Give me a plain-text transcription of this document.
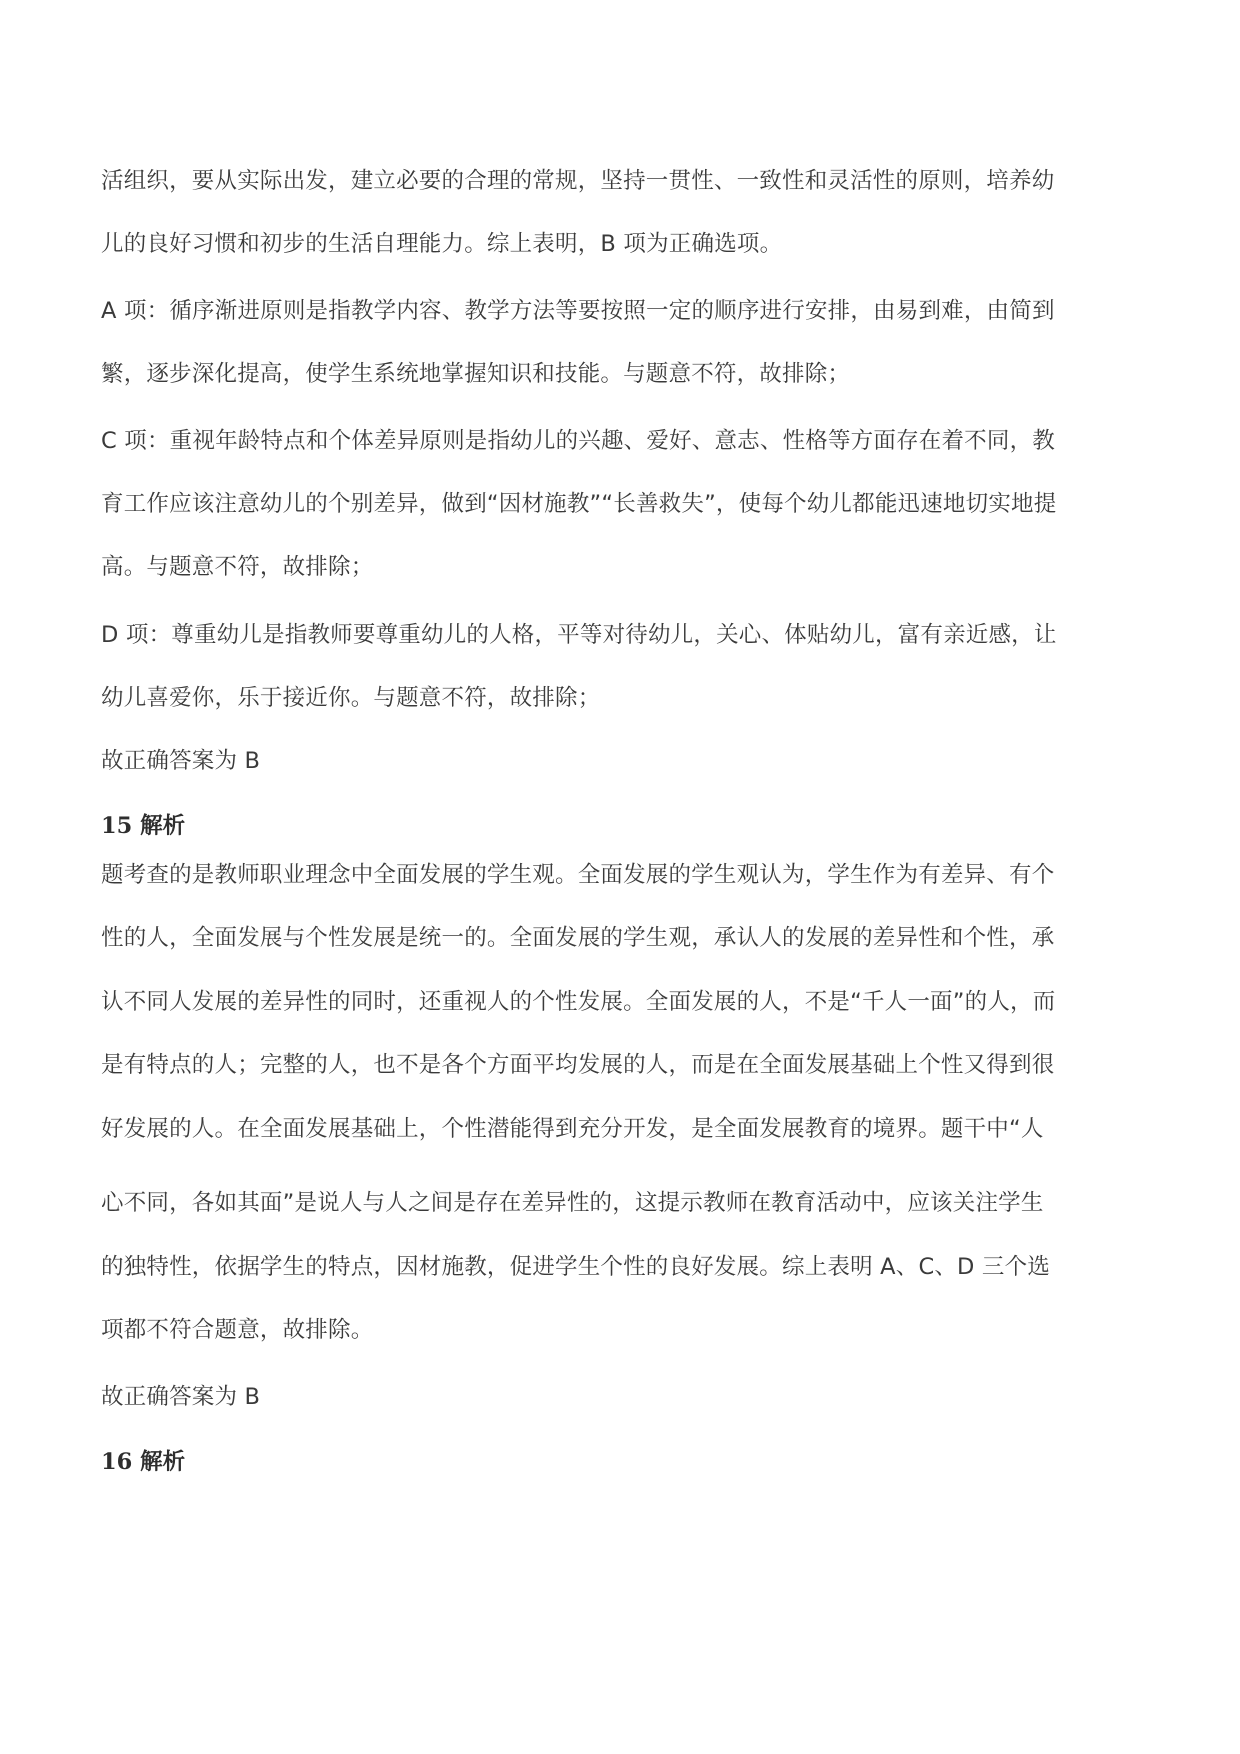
活组织，要从实际出发，建立必要的合理的常规，坚持一贯性、一致性和灵活性的原则，培养幼
儿的良好习惯和初步的生活自理能力。综上表明，B 项为正确选项。
A 项：循序渐进原则是指教学内容、教学方法等要按照一定的顺序进行安排，由易到难，由简到
繁，逐步深化提高，使学生系统地掌握知识和技能。与题意不符，故排除；
C 项：重视年龄特点和个体差异原则是指幼儿的兴趣、爱好、意志、性格等方面存在着不同，教
育工作应该注意幼儿的个别差异，做到“因材施教”“长善救失”，使每个幼儿都能迅速地切实地提
高。与题意不符，故排除；
D 项：尊重幼儿是指教师要尊重幼儿的人格，平等对待幼儿，关心、体贴幼儿，富有亲近感，让
幼儿喜爱你，乐于接近你。与题意不符，故排除；
故正确答案为 B
15 解析
题考查的是教师职业理念中全面发展的学生观。全面发展的学生观认为，学生作为有差异、有个
性的人，全面发展与个性发展是统一的。全面发展的学生观，承认人的发展的差异性和个性，承
认不同人发展的差异性的同时，还重视人的个性发展。全面发展的人，不是“千人一面”的人，而
是有特点的人；完整的人，也不是各个方面平均发展的人，而是在全面发展基础上个性又得到很
好发展的人。在全面发展基础上，个性潜能得到充分开发，是全面发展教育的境界。题干中“人
心不同，各如其面”是说人与人之间是存在差异性的，这提示教师在教育活动中，应该关注学生
的独特性，依据学生的特点，因材施教，促进学生个性的良好发展。综上表明 A、C、D 三个选
项都不符合题意，故排除。
故正确答案为 B
16 解析
